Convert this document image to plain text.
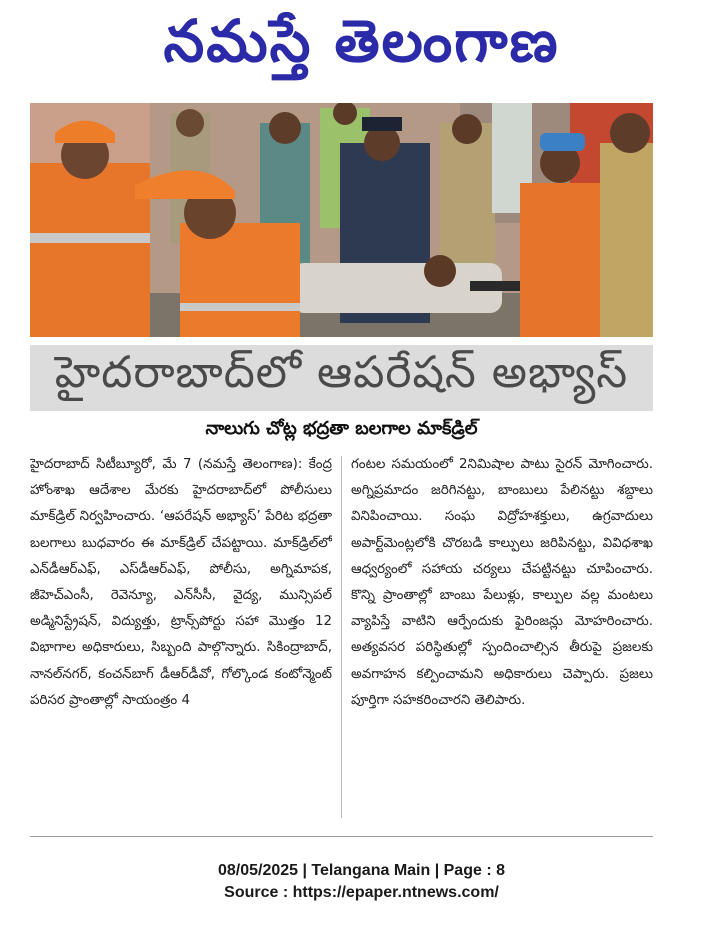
నమస్తే తెలంగాణ
హైదరాబాద్‌లో ఆపరేషన్ అభ్యాస్
నాలుగు చోట్ల భద్రతా బలగాల మాక్‌డ్రిల్
హైదరాబాద్ సిటీబ్యూరో, మే 7 (నమస్తే తెలంగాణ): కేంద్ర హోంశాఖ ఆదేశాల మేరకు హైదరాబాద్‌లో పోలీసులు మాక్‌డ్రిల్ నిర్వహించారు. ‘ఆపరేషన్ అభ్యాస్’ పేరిట భద్రతా బలగాలు బుధవారం ఈ మాక్‌డ్రిల్ చేపట్టాయి. మాక్‌డ్రిల్‌లో ఎన్‌డీఆర్‌ఎఫ్, ఎస్‌డీఆర్‌ఎఫ్, పోలీసు, అగ్నిమాపక, జీహెచ్‌ఎంసీ, రెవెన్యూ, ఎన్‌సీసీ, వైద్య, మున్సిపల్ అడ్మినిస్ట్రేషన్, విద్యుత్తు, ట్రాన్స్‌పోర్టు సహా మొత్తం 12 విభాగాల అధికారులు, సిబ్బంది పాల్గొన్నారు. సికింద్రాబాద్, నానల్‌నగర్, కంచన్‌బాగ్ డీఆర్‌డీవో, గోల్కొండ కంటోన్మెంట్ పరిసర ప్రాంతాల్లో సాయంత్రం 4
గంటల సమయంలో 2నిమిషాల పాటు సైరన్ మోగించారు. అగ్నిప్రమాదం జరిగినట్టు, బాంబులు పేలినట్టు శబ్దాలు వినిపించాయి. సంఘ విద్రోహశక్తులు, ఉగ్రవాదులు అపార్ట్‌మెంట్లలోకి చొరబడి కాల్పులు జరిపినట్టు, వివిధశాఖ ఆధ్వర్యంలో సహాయ చర్యలు చేపట్టినట్టు చూపించారు. కొన్ని ప్రాంతాల్లో బాంబు పేలుళ్లు, కాల్పుల వల్ల మంటలు వ్యాపిస్తే వాటిని ఆర్పేందుకు ఫైరింజన్లు మోహరించారు. అత్యవసర పరిస్థితుల్లో స్పందించాల్సిన తీరుపై ప్రజలకు అవగాహన కల్పించామని అధికారులు చెప్పారు. ప్రజలు పూర్తిగా సహకరించారని తెలిపారు.
08/05/2025 | Telangana Main | Page : 8
Source : https://epaper.ntnews.com/
